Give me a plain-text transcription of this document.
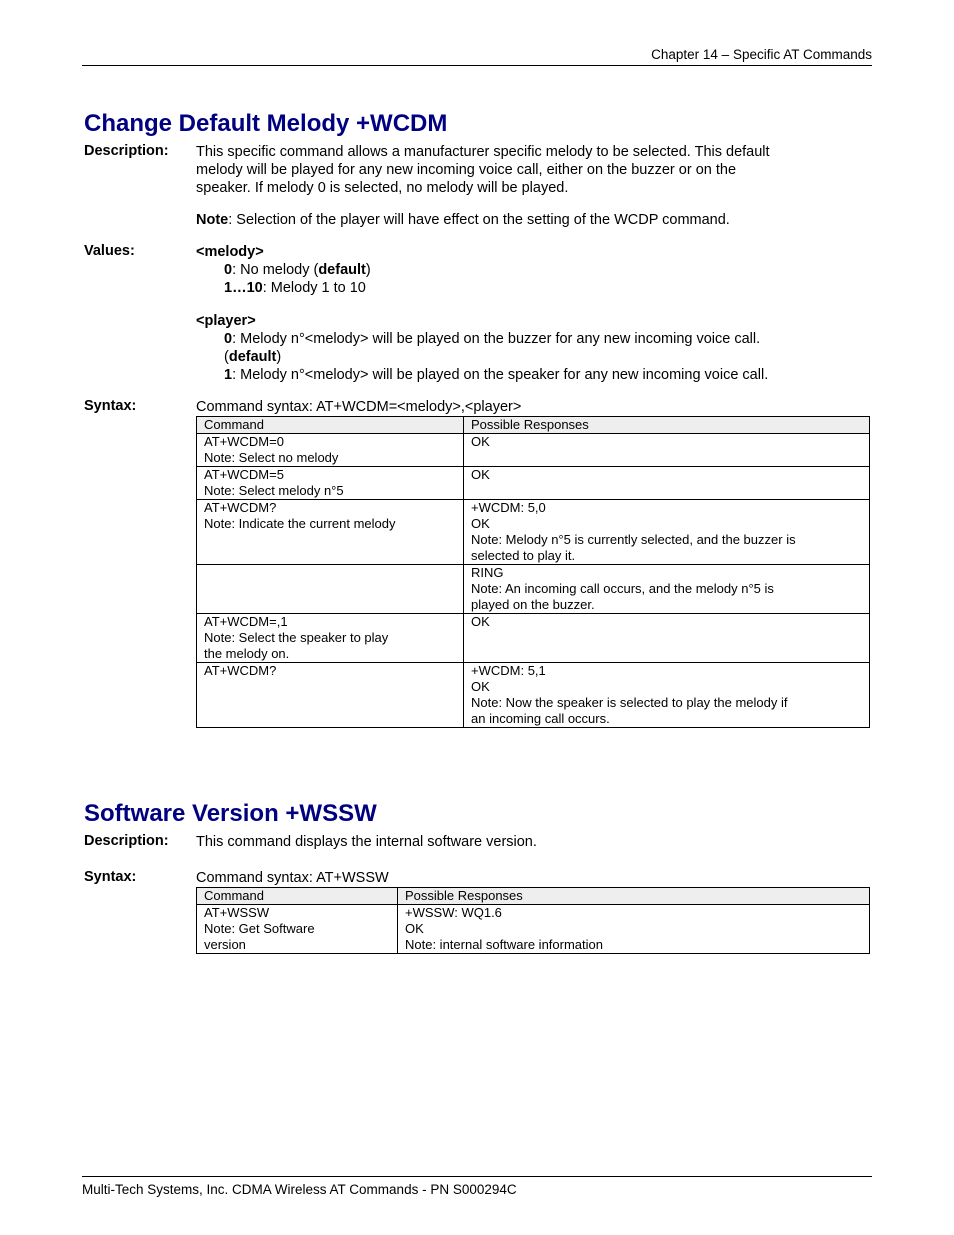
Chapter 14 – Specific AT Commands
Change Default Melody +WCDM
Description: This specific command allows a manufacturer specific melody to be selected. This default
melody will be played for any new incoming voice call, either on the buzzer or on the
speaker. If melody 0 is selected, no melody will be played.
Note: Selection of the player will have effect on the setting of the WCDP command.
Values:	<melody>
0: No melody (default)
1…10: Melody 1 to 10
<player>
0: Melody n°<melody> will be played on the buzzer for any new incoming voice call.
(default)
1: Melody n°<melody> will be played on the speaker for any new incoming voice call.
Syntax:	Command syntax: AT+WCDM=<melody>,<player>
Command	Possible Responses

AT+WCDM=0
Note: Select no melody	OK

AT+WCDM=5
Note: Select melody n°5	OK

AT+WCDM?
Note: Indicate the current melody	+WCDM: 5,0
OK
Note: Melody n°5 is currently selected, and the buzzer is
selected to play it.

	RING
Note: An incoming call occurs, and the melody n°5 is
played on the buzzer.

AT+WCDM=,1
Note: Select the speaker to play
the melody on.	OK

AT+WCDM?	+WCDM: 5,1
OK
Note: Now the speaker is selected to play the melody if
an incoming call occurs.
Software Version +WSSW
Description: This command displays the internal software version.
Syntax:	Command syntax: AT+WSSW
Command	Possible Responses

AT+WSSW
Note: Get Software
version	+WSSW: WQ1.6
OK
Note: internal software information
Multi-Tech Systems, Inc. CDMA Wireless AT Commands - PN S000294C
